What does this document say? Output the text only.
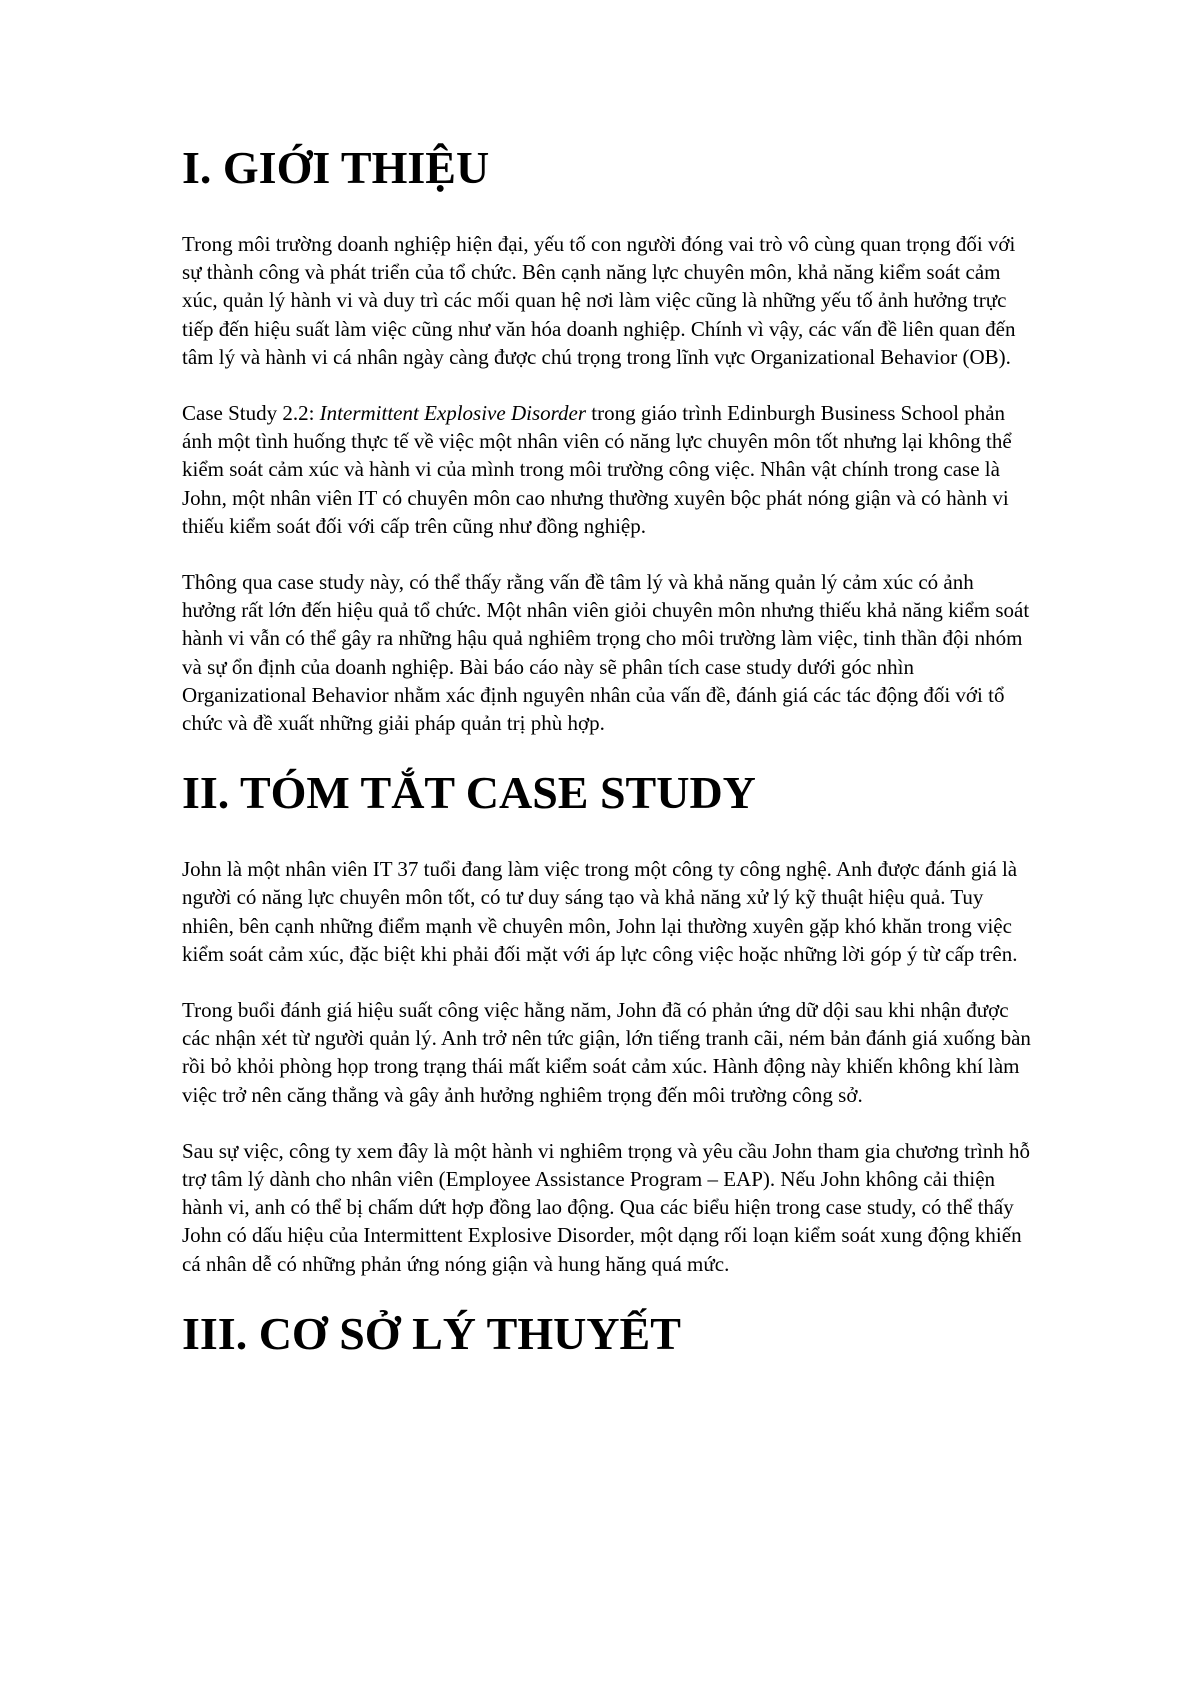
I. GIỚI THIỆU

Trong môi trường doanh nghiệp hiện đại, yếu tố con người đóng vai trò vô cùng quan trọng đối với sự thành công và phát triển của tổ chức. Bên cạnh năng lực chuyên môn, khả năng kiểm soát cảm xúc, quản lý hành vi và duy trì các mối quan hệ nơi làm việc cũng là những yếu tố ảnh hưởng trực tiếp đến hiệu suất làm việc cũng như văn hóa doanh nghiệp. Chính vì vậy, các vấn đề liên quan đến tâm lý và hành vi cá nhân ngày càng được chú trọng trong lĩnh vực Organizational Behavior (OB).

Case Study 2.2: Intermittent Explosive Disorder trong giáo trình Edinburgh Business School phản ánh một tình huống thực tế về việc một nhân viên có năng lực chuyên môn tốt nhưng lại không thể kiểm soát cảm xúc và hành vi của mình trong môi trường công việc. Nhân vật chính trong case là John, một nhân viên IT có chuyên môn cao nhưng thường xuyên bộc phát nóng giận và có hành vi thiếu kiểm soát đối với cấp trên cũng như đồng nghiệp.

Thông qua case study này, có thể thấy rằng vấn đề tâm lý và khả năng quản lý cảm xúc có ảnh hưởng rất lớn đến hiệu quả tổ chức. Một nhân viên giỏi chuyên môn nhưng thiếu khả năng kiểm soát hành vi vẫn có thể gây ra những hậu quả nghiêm trọng cho môi trường làm việc, tinh thần đội nhóm và sự ổn định của doanh nghiệp. Bài báo cáo này sẽ phân tích case study dưới góc nhìn Organizational Behavior nhằm xác định nguyên nhân của vấn đề, đánh giá các tác động đối với tổ chức và đề xuất những giải pháp quản trị phù hợp.

II. TÓM TẮT CASE STUDY

John là một nhân viên IT 37 tuổi đang làm việc trong một công ty công nghệ. Anh được đánh giá là người có năng lực chuyên môn tốt, có tư duy sáng tạo và khả năng xử lý kỹ thuật hiệu quả. Tuy nhiên, bên cạnh những điểm mạnh về chuyên môn, John lại thường xuyên gặp khó khăn trong việc kiểm soát cảm xúc, đặc biệt khi phải đối mặt với áp lực công việc hoặc những lời góp ý từ cấp trên.

Trong buổi đánh giá hiệu suất công việc hằng năm, John đã có phản ứng dữ dội sau khi nhận được các nhận xét từ người quản lý. Anh trở nên tức giận, lớn tiếng tranh cãi, ném bản đánh giá xuống bàn rồi bỏ khỏi phòng họp trong trạng thái mất kiểm soát cảm xúc. Hành động này khiến không khí làm việc trở nên căng thẳng và gây ảnh hưởng nghiêm trọng đến môi trường công sở.

Sau sự việc, công ty xem đây là một hành vi nghiêm trọng và yêu cầu John tham gia chương trình hỗ trợ tâm lý dành cho nhân viên (Employee Assistance Program – EAP). Nếu John không cải thiện hành vi, anh có thể bị chấm dứt hợp đồng lao động. Qua các biểu hiện trong case study, có thể thấy John có dấu hiệu của Intermittent Explosive Disorder, một dạng rối loạn kiểm soát xung động khiến cá nhân dễ có những phản ứng nóng giận và hung hăng quá mức.

III. CƠ SỞ LÝ THUYẾT
